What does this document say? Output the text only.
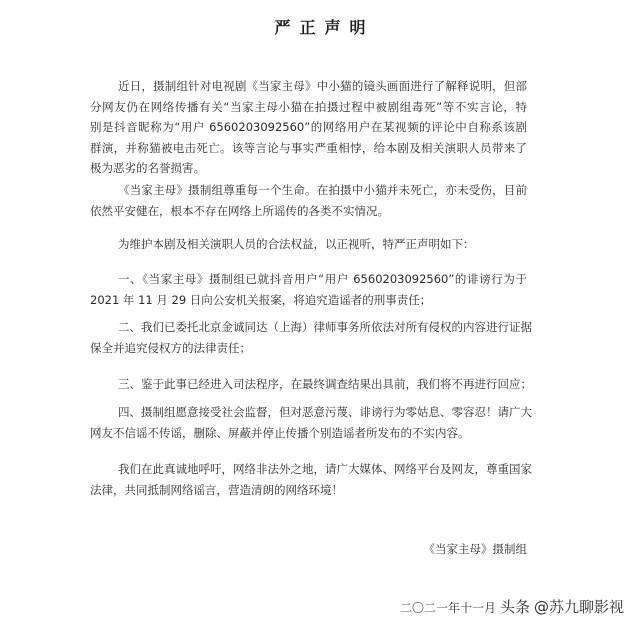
严正声明
近日，摄制组针对电视剧《当家主母》中小猫的镜头画面进行了解释说明，但部
分网友仍在网络传播有关“当家主母小猫在拍摄过程中被剧组毒死”等不实言论，特
别是抖音昵称为“用户 6560203092560”的网络用户在某视频的评论中自称系该剧
群演，并称猫被电击死亡。该等言论与事实严重相悖，给本剧及相关演职人员带来了
极为恶劣的名誉损害。
《当家主母》摄制组尊重每一个生命。在拍摄中小猫并未死亡，亦未受伤，目前
依然平安健在，根本不存在网络上所谣传的各类不实情况。
为维护本剧及相关演职人员的合法权益，以正视听，特严正声明如下：
一、《当家主母》摄制组已就抖音用户“用户 6560203092560”的诽谤行为于
2021 年 11 月 29 日向公安机关报案，将追究造谣者的刑事责任；
二、我们已委托北京金诚同达（上海）律师事务所依法对所有侵权的内容进行证据
保全并追究侵权方的法律责任；
三、鉴于此事已经进入司法程序，在最终调查结果出具前，我们将不再进行回应；
四、摄制组愿意接受社会监督，但对恶意污蔑、诽谤行为零姑息、零容忍！请广大
网友不信谣不传谣，删除、屏蔽并停止传播个别造谣者所发布的不实内容。
我们在此真诚地呼吁，网络非法外之地，请广大媒体、网络平台及网友，尊重国家
法律，共同抵制网络谣言，营造清朗的网络环境！
《当家主母》摄制组
二〇二一年十一月 头条 @苏九聊影视
